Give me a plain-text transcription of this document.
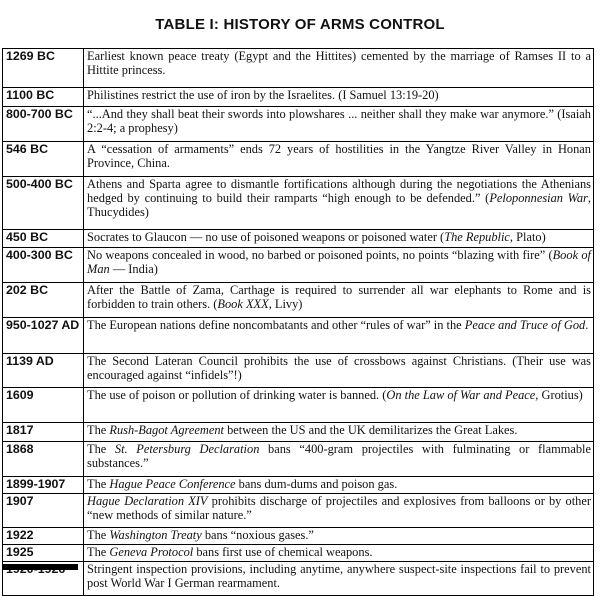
TABLE I: HISTORY OF ARMS CONTROL
1269 BC	Earliest known peace treaty (Egypt and the Hittites) cemented by the marriage of Ramses II to a Hittite princess.
1100 BC	Philistines restrict the use of iron by the Israelites. (I Samuel 13:19-20)
800-700 BC	“...And they shall beat their swords into plowshares ... neither shall they make war anymore.” (Isaiah 2:2-4; a prophesy)
546 BC	A “cessation of armaments” ends 72 years of hostilities in the Yangtze River Valley in Honan Province, China.
500-400 BC	Athens and Sparta agree to dismantle fortifications although during the negotiations the Athenians hedged by continuing to build their ramparts “high enough to be defended.” (Peloponnesian War, Thucydides)
450 BC	Socrates to Glaucon — no use of poisoned weapons or poisoned water (The Republic, Plato)
400-300 BC	No weapons concealed in wood, no barbed or poisoned points, no points “blazing with fire” (Book of Man — India)
202 BC	After the Battle of Zama, Carthage is required to surrender all war elephants to Rome and is forbidden to train others. (Book XXX, Livy)
950-1027 AD	The European nations define noncombatants and other “rules of war” in the Peace and Truce of God.
1139 AD	The Second Lateran Council prohibits the use of crossbows against Christians. (Their use was encouraged against “infidels”!)
1609	The use of poison or pollution of drinking water is banned. (On the Law of War and Peace, Grotius)
1817	The Rush-Bagot Agreement between the US and the UK demilitarizes the Great Lakes.
1868	The St. Petersburg Declaration bans “400-gram projectiles with fulminating or flammable substances.”
1899-1907	The Hague Peace Conference bans dum-dums and poison gas.
1907	Hague Declaration XIV prohibits discharge of projectiles and explosives from balloons or by other “new methods of similar nature.”
1922	The Washington Treaty bans “noxious gases.”
1925	The Geneva Protocol bans first use of chemical weapons.
	Stringent inspection provisions, including anytime, anywhere suspect-site inspections fail to prevent post World War I German rearmament.
